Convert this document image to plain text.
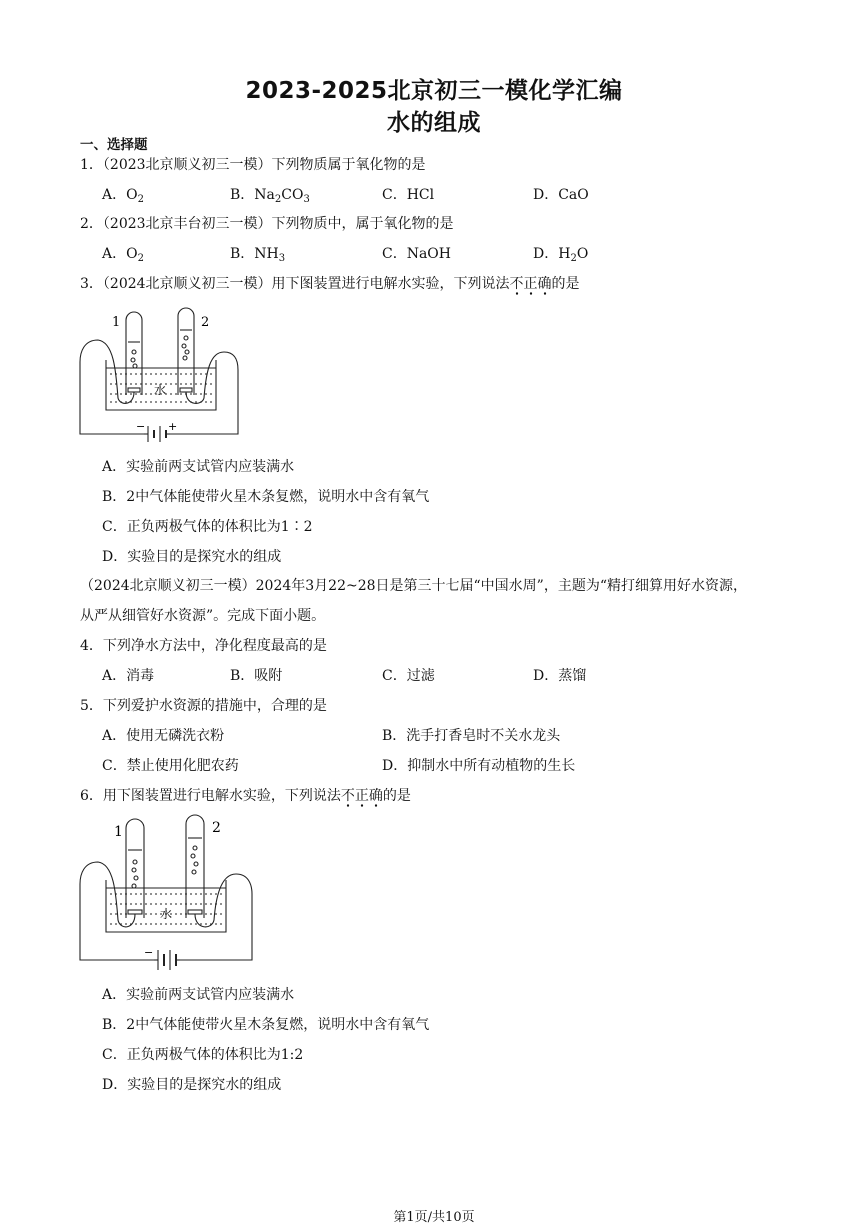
2023-2025北京初三一模化学汇编
水的组成
一、选择题
1．（2023北京顺义初三一模）下列物质属于氧化物的是
A．$O_2$	B．$Na_2CO_3$	C．HCl	D．CaO
2．（2023北京丰台初三一模）下列物质中，属于氧化物的是
A．$O_2$	B．$NH_3$	C．NaOH	D．$H_2O$
3．（2024北京顺义初三一模）用下图装置进行电解水实验，下列说法不正确的是
1	2
水
− +
A．实验前两支试管内应装满水
B．2中气体能使带火星木条复燃，说明水中含有氧气
C．正负两极气体的体积比为1∶2
D．实验目的是探究水的组成
（2024北京顺义初三一模）2024年3月22~28日是第三十七届“中国水周”，主题为“精打细算用好水资源，
从严从细管好水资源”。完成下面小题。
4．下列净水方法中，净化程度最高的是
A．消毒	B．吸附	C．过滤	D．蒸馏
5．下列爱护水资源的措施中，合理的是
A．使用无磷洗衣粉	B．洗手打香皂时不关水龙头
C．禁止使用化肥农药	D．抑制水中所有动植物的生长
6．用下图装置进行电解水实验，下列说法不正确的是
1	2
水
−
A．实验前两支试管内应装满水
B．2中气体能使带火星木条复燃，说明水中含有氧气
C．正负两极气体的体积比为1:2
D．实验目的是探究水的组成
第1页/共10页
